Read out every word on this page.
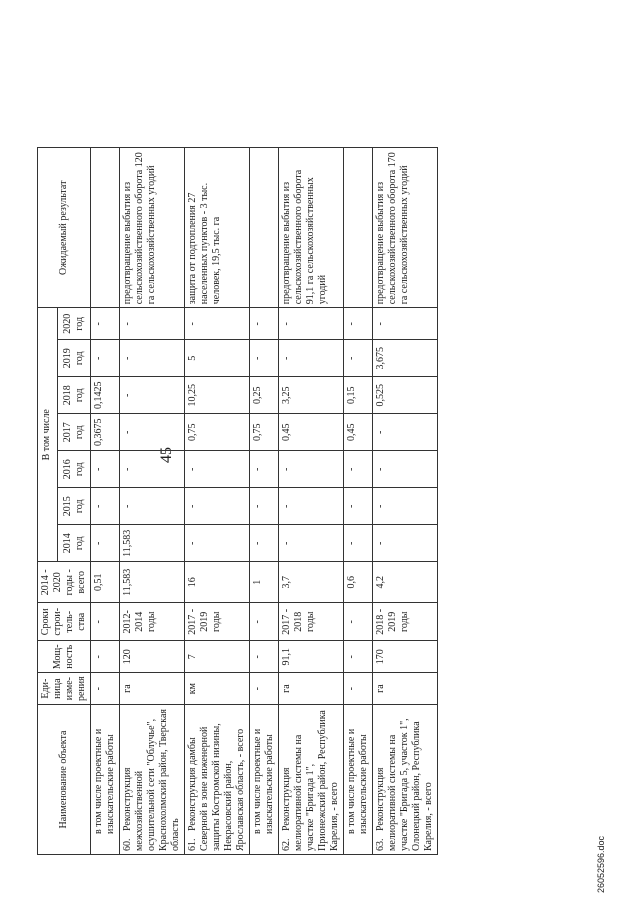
45
Наименование объекта	Еди-ница изме-рения	Мощ-ность	Сроки строи-тель-ства	2014 - 2020 годы - всего	В том числе							Ожидаемый результат
					2014 год	2015 год	2016 год	2017 год	2018 год	2019 год	2020 год	
в том числе проектные и изыскательские работы	-	-	-	0,51	-	-	-	0,3675	0,1425	-	-	
60.Реконструкция межхозяйственной осушительной сети "Облучье", Краснохолмский район, Тверская область	га	120	2012-2014 годы	11,583	11,583	-	-	-	-	-	-	предотвращение выбытия из сельскохозяйственного оборота 120 га сельскохозяйственных угодий
61.Реконструкция дамбы Северной в зоне инженерной защиты Костромской низины, Некрасовский район, Ярославская область, - всего	км	7	2017 - 2019 годы	16	-	-	-	0,75	10,25	5	-	защита от подтопления 27 населенных пунктов - 3 тыс. человек, 19,5 тыс. га
в том числе проектные и изыскательские работы	-	-	-	1	-	-	-	0,75	0,25	-	-	
62.Реконструкция мелиоративной системы на участке "Бригада 1", Прионежский район, Республика Карелия, - всего	га	91,1	2017 - 2018 годы	3,7	-	-	-	0,45	3,25	-	-	предотвращение выбытия из сельскохозяйственного оборота 91,1 га сельскохозяйственных угодий
в том числе проектные и изыскательские работы	-	-	-	0,6	-	-	-	0,45	0,15	-	-	
63.Реконструкция мелиоративной системы на участке "Бригада 5, участок 1", Олонецкий район, Республика Карелия, - всего	га	170	2018 - 2019 годы	4,2	-	-	-	-	0,525	3,675	-	предотвращение выбытия из сельскохозяйственного оборота 170 га сельскохозяйственных угодий
26052596.doc
